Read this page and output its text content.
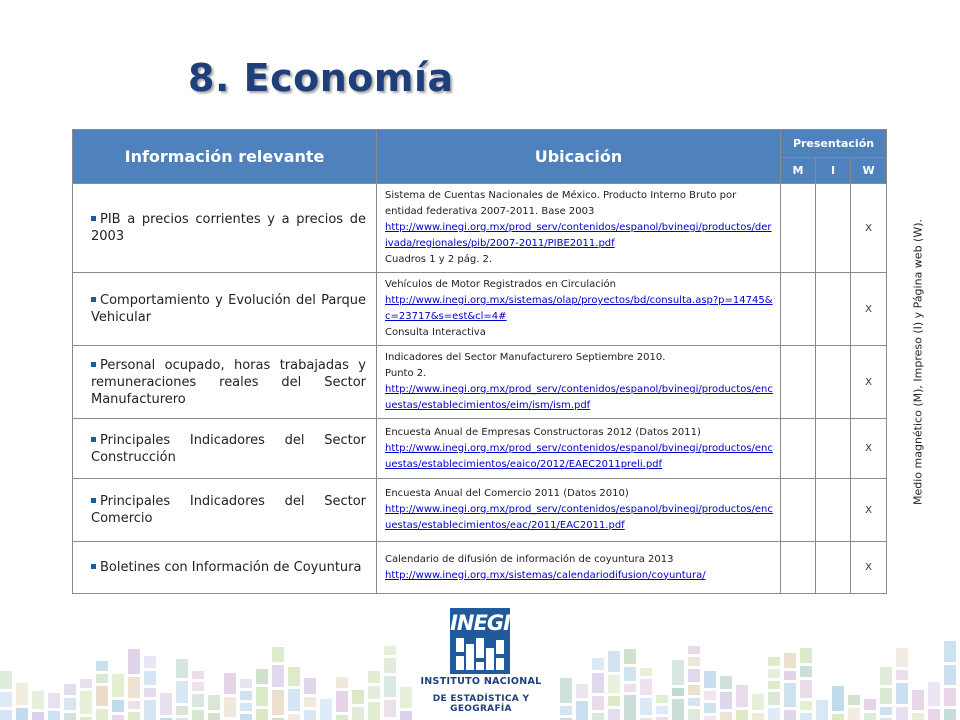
8. Economía
Información relevante	Ubicación	Presentación		
		M	I	W
PIB a precios corrientes y a precios de 2003	Sistema de Cuentas Nacionales de México. Producto Interno Bruto por entidad federativa 2007-2011. Base 2003
http://www.inegi.org.mx/prod_serv/contenidos/espanol/bvinegi/productos/derivada/regionales/pib/2007-2011/PIBE2011.pdf
Cuadros 1 y 2 pág. 2.			X
Comportamiento y Evolución del Parque Vehicular	Vehículos de Motor Registrados en Circulación
http://www.inegi.org.mx/sistemas/olap/proyectos/bd/consulta.asp?p=14745&c=23717&s=est&cl=4#
Consulta Interactiva			X
Personal ocupado, horas trabajadas y remuneraciones reales del Sector Manufacturero	Indicadores del Sector Manufacturero Septiembre 2010.
Punto 2.
http://www.inegi.org.mx/prod_serv/contenidos/espanol/bvinegi/productos/encuestas/establecimientos/eim/ism/ism.pdf			X
Principales Indicadores del Sector Construcción	Encuesta Anual de Empresas Constructoras 2012 (Datos 2011)
http://www.inegi.org.mx/prod_serv/contenidos/espanol/bvinegi/productos/encuestas/establecimientos/eaico/2012/EAEC2011preli.pdf			X
Principales Indicadores del Sector Comercio	Encuesta Anual del Comercio 2011 (Datos 2010)
http://www.inegi.org.mx/prod_serv/contenidos/espanol/bvinegi/productos/encuestas/establecimientos/eac/2011/EAC2011.pdf			X
Boletines con Información de Coyuntura	Calendario de difusión de información de coyuntura 2013
http://www.inegi.org.mx/sistemas/calendariodifusion/coyuntura/			X
Medio magnético (M), Impreso (I) y Página web (W).
INEGI
INSTITUTO NACIONAL
DE ESTADÍSTICA Y GEOGRAFÍA
